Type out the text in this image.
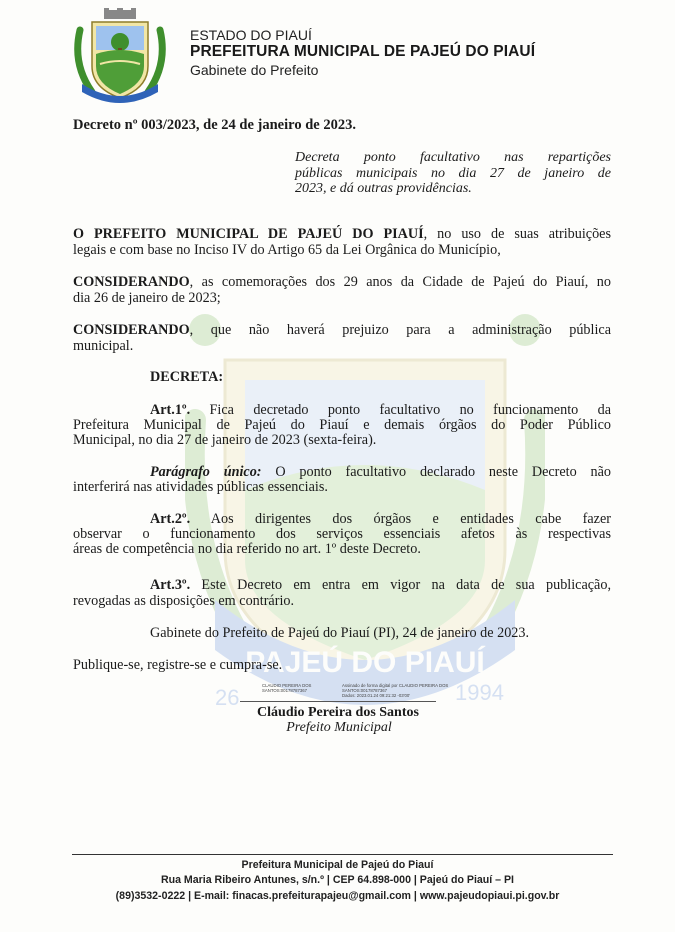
PAJEÚ DO PIAUÍ
26	1994
ESTADO DO PIAUÍ
PREFEITURA MUNICIPAL DE PAJEÚ DO PIAUÍ
Gabinete do Prefeito
Decreto nº 003/2023, de 24 de janeiro de 2023.
Decreta ponto facultativo nas repartições
públicas municipais no dia 27 de janeiro de
2023, e dá outras providências.
O PREFEITO MUNICIPAL DE PAJEÚ DO PIAUÍ, no uso de suas atribuições
legais e com base no Inciso IV do Artigo 65 da Lei Orgânica do Município,
CONSIDERANDO, as comemorações dos 29 anos da Cidade de Pajeú do Piauí, no
dia 26 de janeiro de 2023;
CONSIDERANDO, que não haverá prejuizo para a administração pública
municipal.
DECRETA:
Art.1º. Fica decretado ponto facultativo no funcionamento da
Prefeitura Municipal de Pajeú do Piauí e demais órgãos do Poder Público
Municipal, no dia 27 de janeiro de 2023 (sexta-feira).
Parágrafo único: O ponto facultativo declarado neste Decreto não
interferirá nas atividades públicas essenciais.
Art.2º. Aos dirigentes dos órgãos e entidades cabe fazer
observar o funcionamento dos serviços essenciais afetos às respectivas
áreas de competência no dia referido no art. 1º deste Decreto.
Art.3º. Este Decreto em entra em vigor na data de sua publicação,
revogadas as disposições em contrário.
Gabinete do Prefeito de Pajeú do Piauí (PI), 24 de janeiro de 2023.
Publique-se, registre-se e cumpra-se.
CLAUDIO PEREIRA DOS
SANTOS:00178787367
Assinado de forma digital por CLAUDIO PEREIRA DOS
SANTOS:00178787367
Dados: 2023.01.24 09:21:32 -03'00'
Cláudio Pereira dos Santos
Prefeito Municipal
Prefeitura Municipal de Pajeú do Piauí
Rua Maria Ribeiro Antunes, s/n.º | CEP 64.898-000 | Pajeú do Piauí – PI
(89)3532-0222 | E-mail: finacas.prefeiturapajeu@gmail.com | www.pajeudopiaui.pi.gov.br
